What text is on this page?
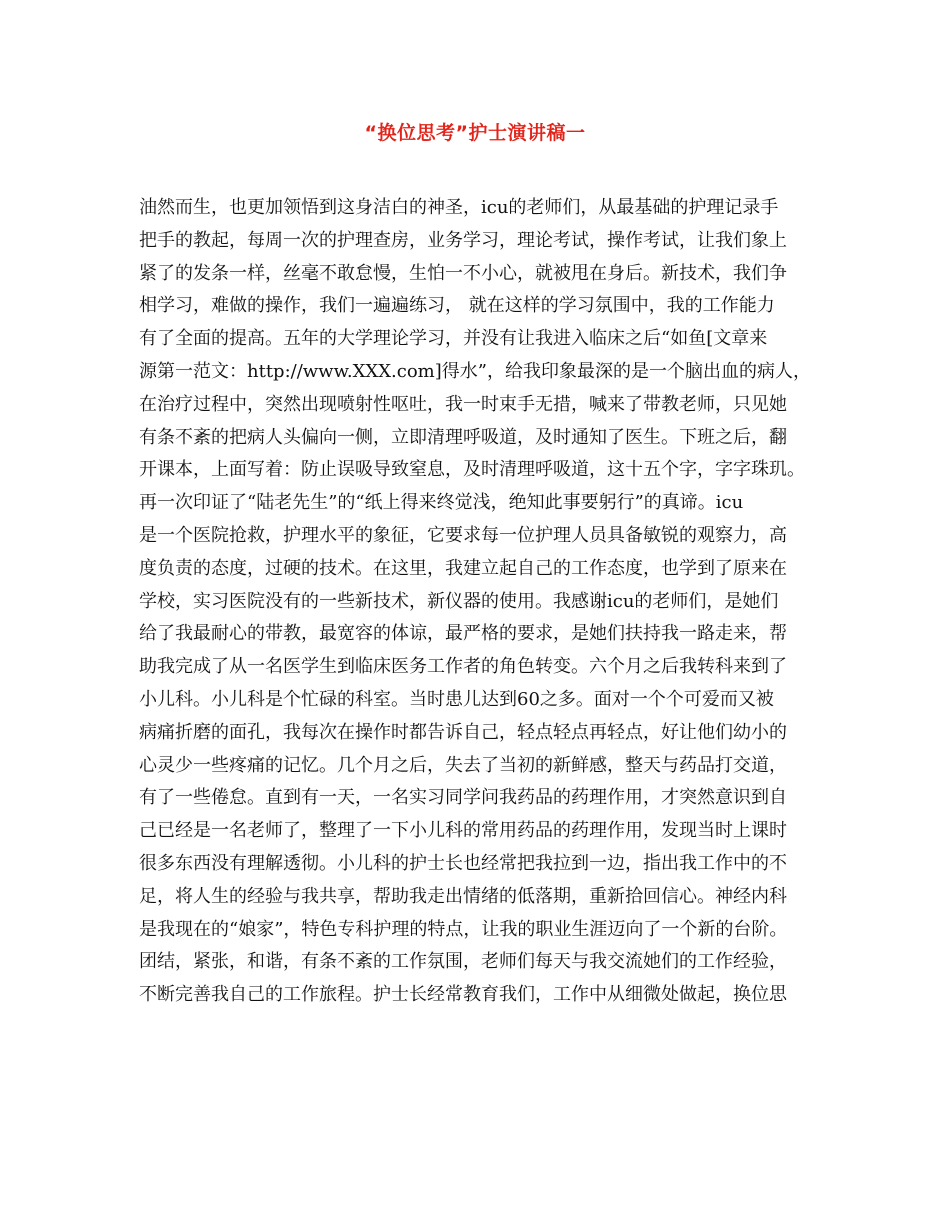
“换位思考”护士演讲稿一
油然而生，也更加领悟到这身洁白的神圣，icu的老师们，从最基础的护理记录手
把手的教起，每周一次的护理查房，业务学习，理论考试，操作考试，让我们象上
紧了的发条一样，丝毫不敢怠慢，生怕一不小心，就被甩在身后。新技术，我们争
相学习，难做的操作，我们一遍遍练习， 就在这样的学习氛围中，我的工作能力
有了全面的提高。五年的大学理论学习，并没有让我进入临床之后“如鱼[文章来
源第一范文：http://www.XXX.com]得水”，给我印象最深的是一个脑出血的病人，
在治疗过程中，突然出现喷射性呕吐，我一时束手无措，喊来了带教老师，只见她
有条不紊的把病人头偏向一侧，立即清理呼吸道，及时通知了医生。下班之后，翻
开课本，上面写着：防止误吸导致窒息，及时清理呼吸道，这十五个字，字字珠玑。
再一次印证了“陆老先生”的“纸上得来终觉浅，绝知此事要躬行”的真谛。icu
是一个医院抢救，护理水平的象征，它要求每一位护理人员具备敏锐的观察力，高
度负责的态度，过硬的技术。在这里，我建立起自己的工作态度，也学到了原来在
学校，实习医院没有的一些新技术，新仪器的使用。我感谢icu的老师们，是她们
给了我最耐心的带教，最宽容的体谅，最严格的要求，是她们扶持我一路走来，帮
助我完成了从一名医学生到临床医务工作者的角色转变。六个月之后我转科来到了
小儿科。小儿科是个忙碌的科室。当时患儿达到60之多。面对一个个可爱而又被
病痛折磨的面孔，我每次在操作时都告诉自己，轻点轻点再轻点，好让他们幼小的
心灵少一些疼痛的记忆。几个月之后，失去了当初的新鲜感，整天与药品打交道，
有了一些倦怠。直到有一天，一名实习同学问我药品的药理作用，才突然意识到自
己已经是一名老师了，整理了一下小儿科的常用药品的药理作用，发现当时上课时
很多东西没有理解透彻。小儿科的护士长也经常把我拉到一边，指出我工作中的不
足，将人生的经验与我共享，帮助我走出情绪的低落期，重新拾回信心。神经内科
是我现在的“娘家”，特色专科护理的特点，让我的职业生涯迈向了一个新的台阶。
团结，紧张，和谐，有条不紊的工作氛围，老师们每天与我交流她们的工作经验，
不断完善我自己的工作旅程。护士长经常教育我们，工作中从细微处做起，换位思
